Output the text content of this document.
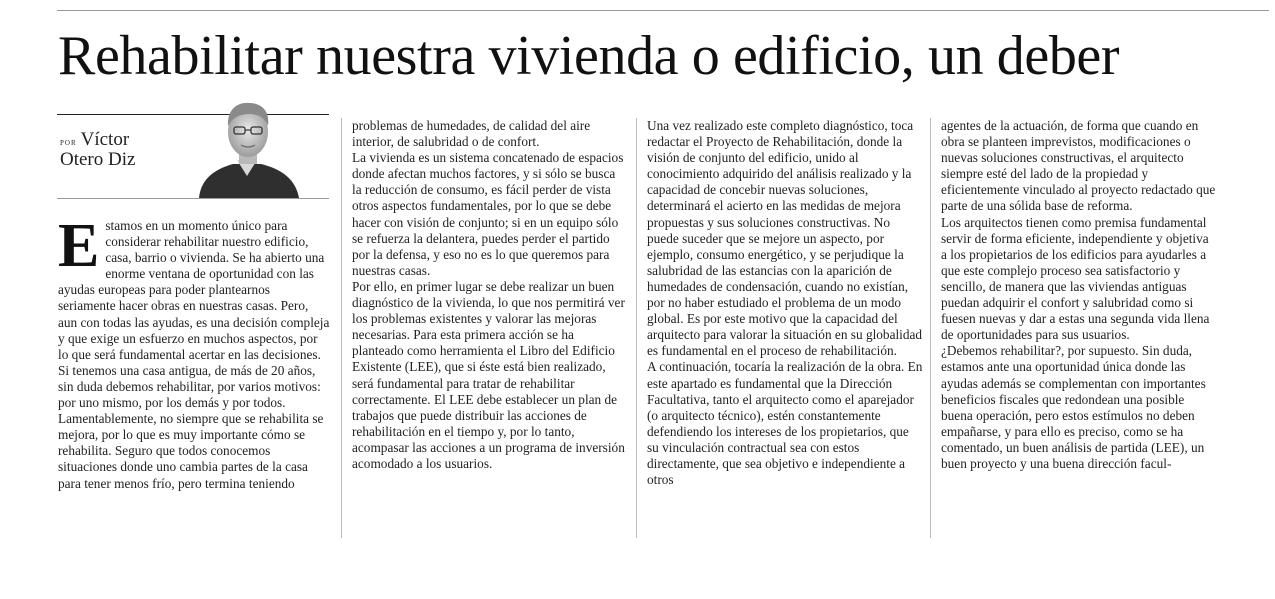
Rehabilitar nuestra vivienda o edificio, un deber
por Víctor
Otero Diz

Estamos en un momento único para considerar rehabilitar nuestro edificio, casa, barrio o vivienda. Se ha abierto una enorme ventana de oportunidad con las ayudas europeas para poder plantearnos seriamente hacer obras en nuestras casas. Pero, aun con todas las ayudas, es una decisión compleja y que exige un esfuerzo en muchos aspectos, por lo que será fundamental acertar en las decisiones. Si tenemos una casa antigua, de más de 20 años, sin duda debemos rehabilitar, por varios motivos: por uno mismo, por los demás y por todos. Lamentablemente, no siempre que se rehabilita se mejora, por lo que es muy importante cómo se rehabilita. Seguro que todos conocemos situaciones donde uno cambia partes de la casa para tener menos frío, pero termina teniendo

problemas de humedades, de calidad del aire interior, de salubridad o de confort.

La vivienda es un sistema concatenado de espacios donde afectan muchos factores, y si sólo se busca la reducción de consumo, es fácil perder de vista otros aspectos fundamentales, por lo que se debe hacer con visión de conjunto; si en un equipo sólo se refuerza la delantera, puedes perder el partido por la defensa, y eso no es lo que queremos para nuestras casas.

Por ello, en primer lugar se debe realizar un buen diagnóstico de la vivienda, lo que nos permitirá ver los problemas existentes y valorar las mejoras necesarias. Para esta primera acción se ha planteado como herramienta el Libro del Edificio Existente (LEE), que si éste está bien realizado, será fundamental para tratar de rehabilitar correctamente. El LEE debe establecer un plan de trabajos que puede distribuir las acciones de rehabilitación en el tiempo y, por lo tanto, acompasar las acciones a un programa de inversión acomodado a los usuarios.

Una vez realizado este completo diagnóstico, toca redactar el Proyecto de Rehabilitación, donde la visión de conjunto del edificio, unido al conocimiento adquirido del análisis realizado y la capacidad de concebir nuevas soluciones, determinará el acierto en las medidas de mejora propuestas y sus soluciones constructivas. No puede suceder que se mejore un aspecto, por ejemplo, consumo energético, y se perjudique la salubridad de las estancias con la aparición de humedades de condensación, cuando no existían, por no haber estudiado el problema de un modo global. Es por este motivo que la capacidad del arquitecto para valorar la situación en su globalidad es fundamental en el proceso de rehabilitación.

A continuación, tocaría la realización de la obra. En este apartado es fundamental que la Dirección Facultativa, tanto el arquitecto como el aparejador (o arquitecto técnico), estén constantemente defendiendo los intereses de los propietarios, que su vinculación contractual sea con estos directamente, que sea objetivo e independiente a otros

agentes de la actuación, de forma que cuando en obra se planteen imprevistos, modificaciones o nuevas soluciones constructivas, el arquitecto siempre esté del lado de la propiedad y eficientemente vinculado al proyecto redactado que parte de una sólida base de reforma.

Los arquitectos tienen como premisa fundamental servir de forma eficiente, independiente y objetiva a los propietarios de los edificios para ayudarles a que este complejo proceso sea satisfactorio y sencillo, de manera que las viviendas antiguas puedan adquirir el confort y salubridad como si fuesen nuevas y dar a estas una segunda vida llena de oportunidades para sus usuarios.

¿Debemos rehabilitar?, por supuesto. Sin duda, estamos ante una oportunidad única donde las ayudas además se complementan con importantes beneficios fiscales que redondean una posible buena operación, pero estos estímulos no deben empañarse, y para ello es preciso, como se ha comentado, un buen análisis de partida (LEE), un buen proyecto y una buena dirección facul-
